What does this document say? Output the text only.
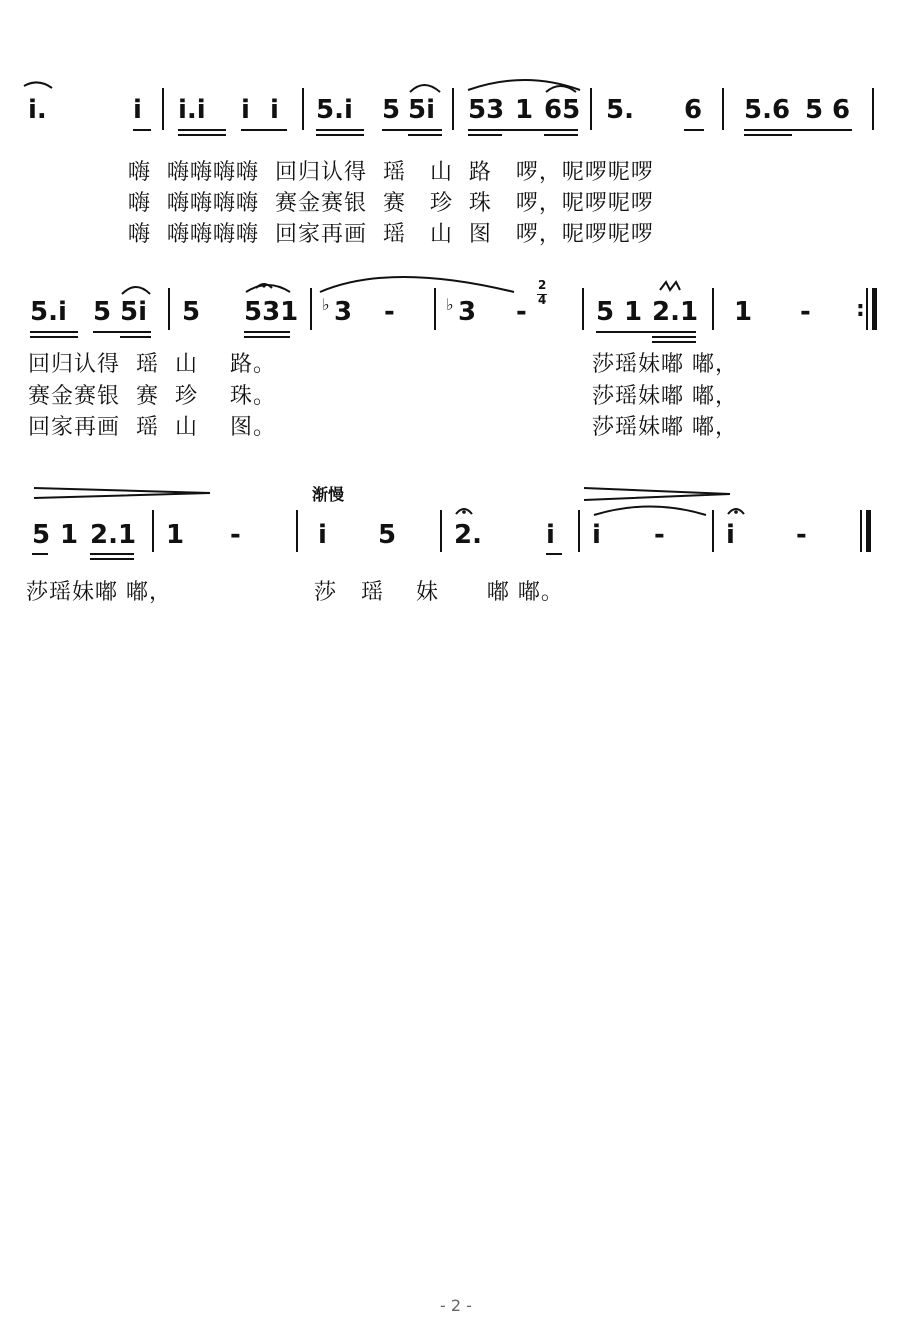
i.	i i.i i i 5.i 5 5i 53 1 65 5. 6 5.6 5 6
嗨  嗨嗨嗨嗨  回归认得  瑶   山  路   啰，呢啰呢啰
嗨  嗨嗨嗨嗨  赛金赛银  赛   珍  珠   啰，呢啰呢啰
嗨  嗨嗨嗨嗨  回家再画  瑶   山  图   啰，呢啰呢啰
5.i 5 5i 5 531 ♭ 3 -	♭ 3 -
2
4 5 1 2.1 1 - :
回归认得  瑶  山    路。
赛金赛银  赛  珍    珠。
回家再画  瑶  山    图。
莎瑶妹嘟 嘟，
莎瑶妹嘟 嘟，
莎瑶妹嘟 嘟，
渐慢
5 1 2.1 1 -	i 5 2. i i - i -
莎瑶妹嘟 嘟，	莎   瑶    妹      嘟 嘟。
- 2 -
